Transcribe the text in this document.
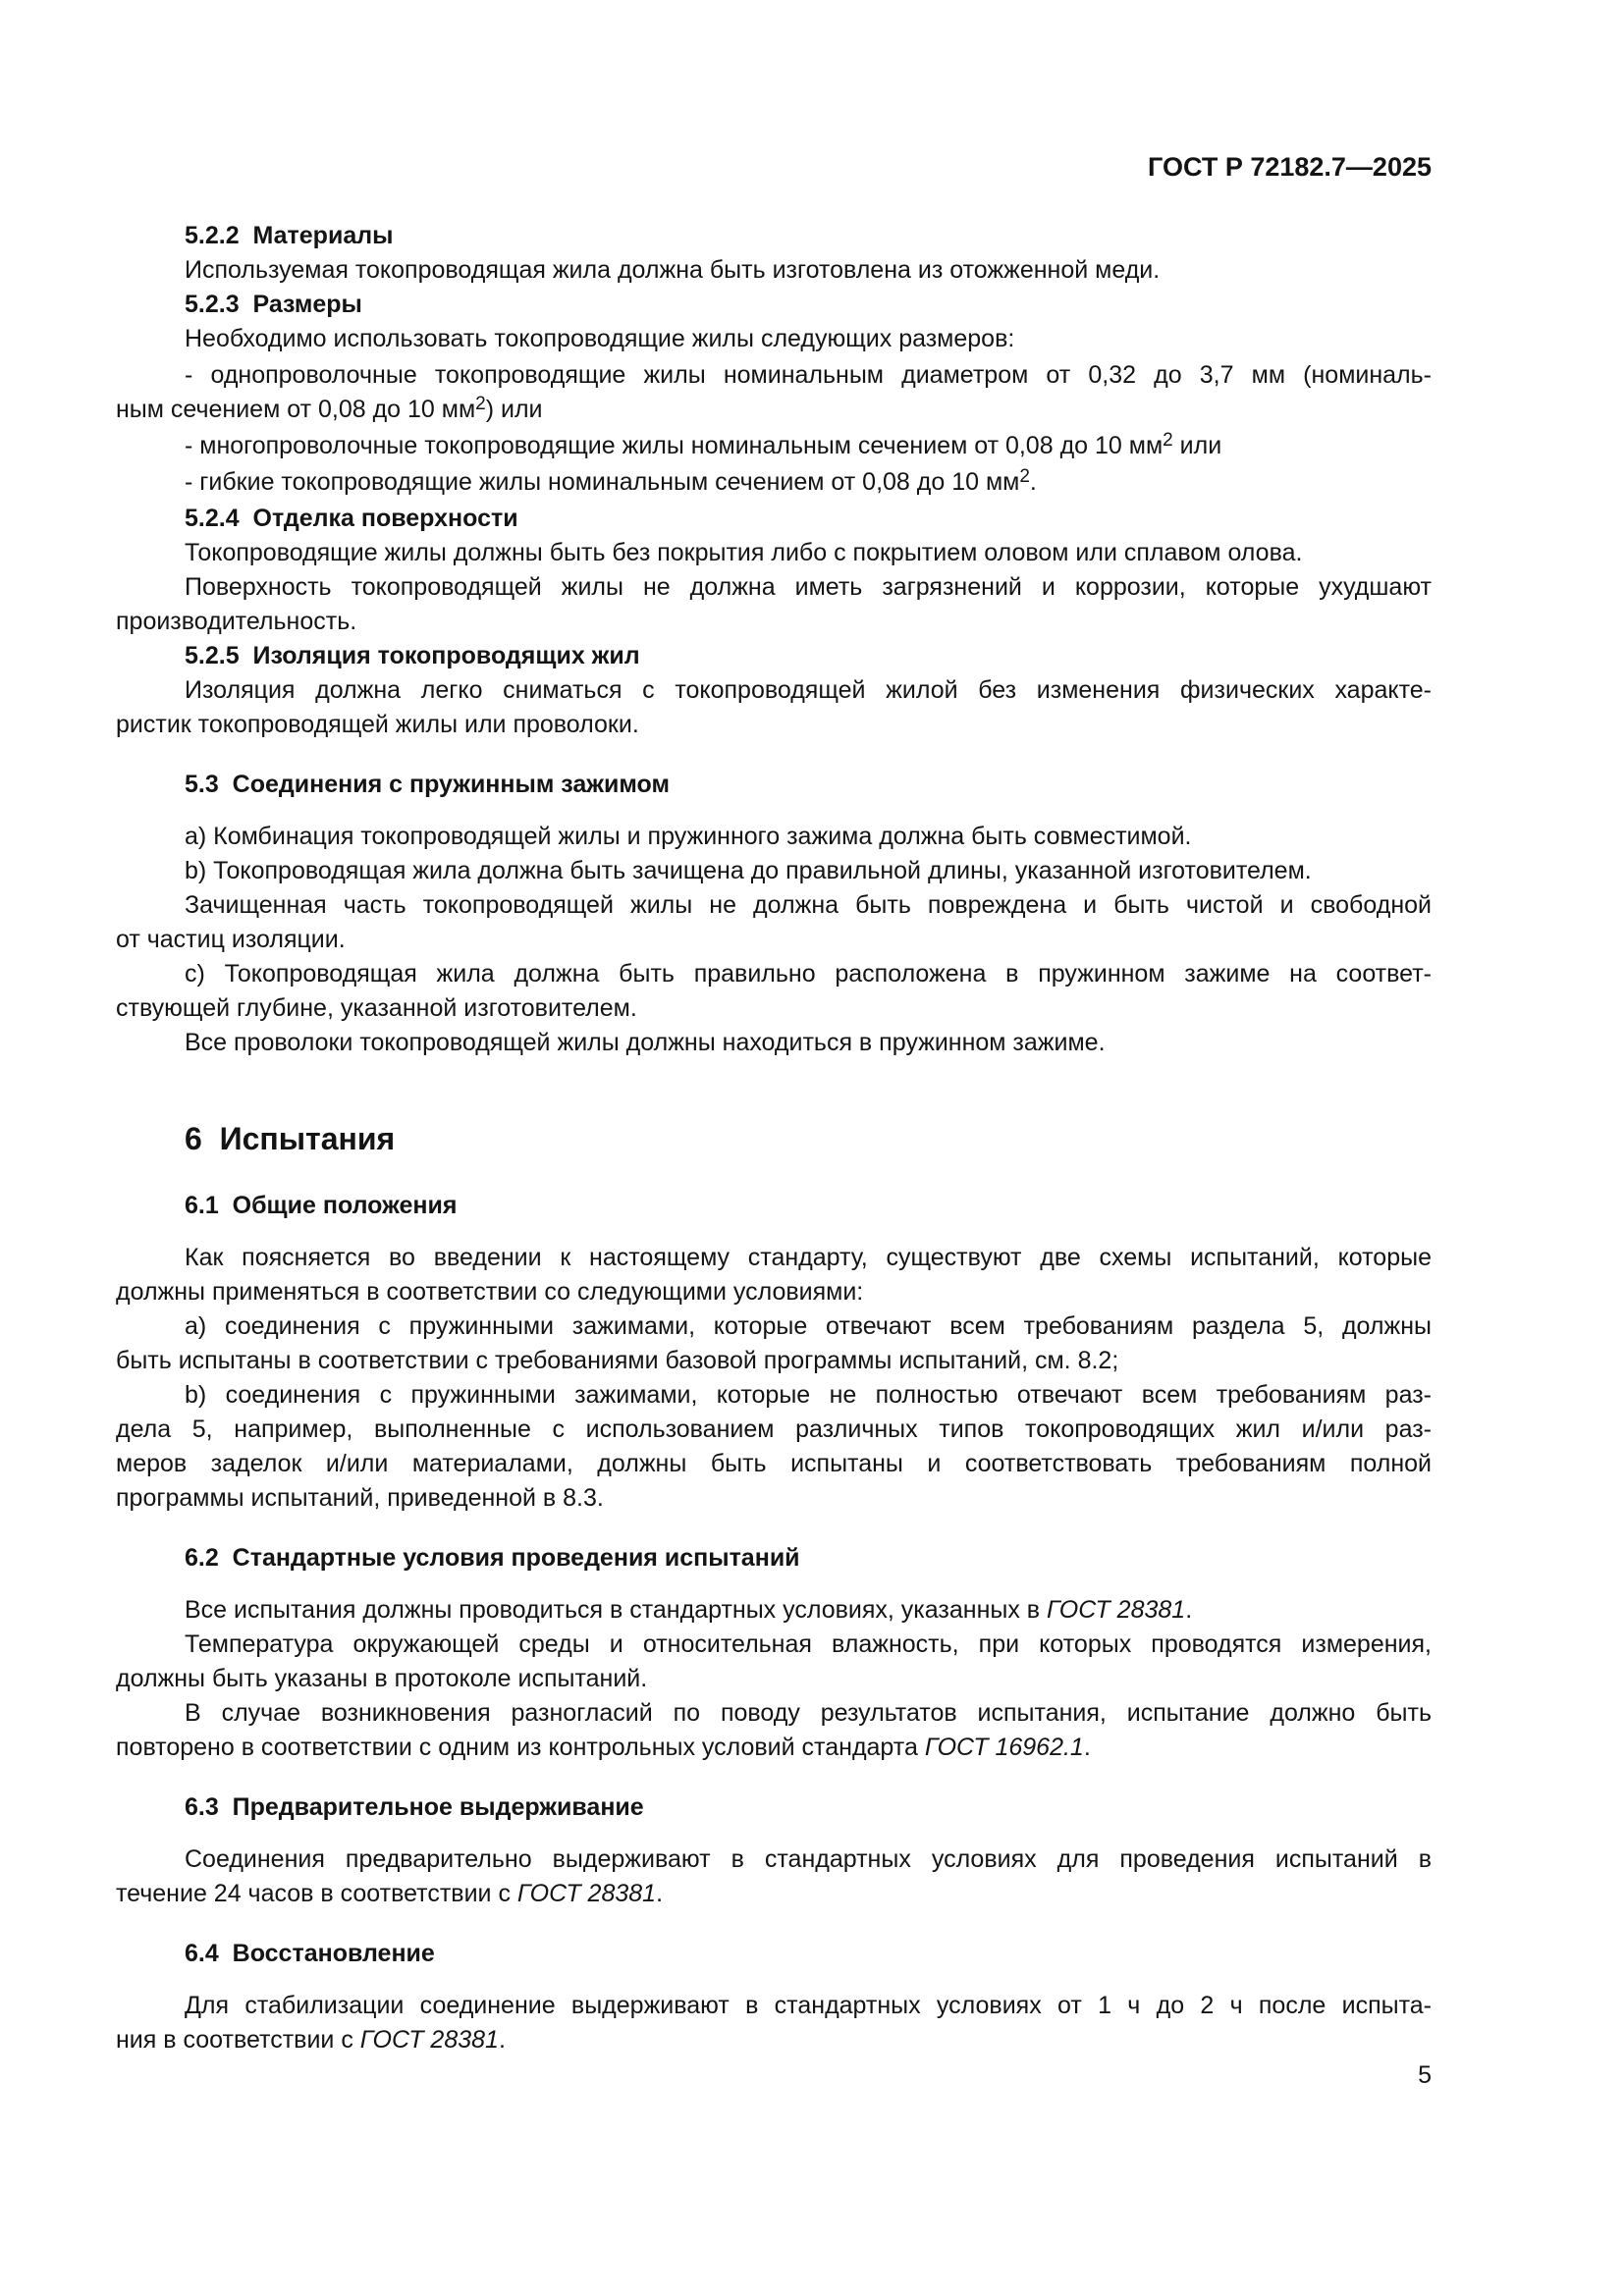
ГОСТ Р 72182.7—2025
5.2.2  Материалы
Используемая токопроводящая жила должна быть изготовлена из отожженной меди.
5.2.3  Размеры
Необходимо использовать токопроводящие жилы следующих размеров:
- однопроволочные токопроводящие жилы номинальным диаметром от 0,32 до 3,7 мм (номиналь-
ным сечением от 0,08 до 10 $мм^2$) или
- многопроволочные токопроводящие жилы номинальным сечением от 0,08 до 10 $мм^2$ или
- гибкие токопроводящие жилы номинальным сечением от 0,08 до 10 $мм^2$.
5.2.4  Отделка поверхности
Токопроводящие жилы должны быть без покрытия либо с покрытием оловом или сплавом олова.
Поверхность токопроводящей жилы не должна иметь загрязнений и коррозии, которые ухудшают
производительность.
5.2.5  Изоляция токопроводящих жил
Изоляция должна легко сниматься с токопроводящей жилой без изменения физических характе-
ристик токопроводящей жилы или проволоки.
5.3  Соединения с пружинным зажимом
a) Комбинация токопроводящей жилы и пружинного зажима должна быть совместимой.
b) Токопроводящая жила должна быть зачищена до правильной длины, указанной изготовителем.
Зачищенная часть токопроводящей жилы не должна быть повреждена и быть чистой и свободной
от частиц изоляции.
c) Токопроводящая жила должна быть правильно расположена в пружинном зажиме на соответ-
ствующей глубине, указанной изготовителем.
Все проволоки токопроводящей жилы должны находиться в пружинном зажиме.
6  Испытания
6.1  Общие положения
Как поясняется во введении к настоящему стандарту, существуют две схемы испытаний, которые
должны применяться в соответствии со следующими условиями:
a) соединения с пружинными зажимами, которые отвечают всем требованиям раздела 5, должны
быть испытаны в соответствии с требованиями базовой программы испытаний, см. 8.2;
b) соединения с пружинными зажимами, которые не полностью отвечают всем требованиям раз-
дела 5, например, выполненные с использованием различных типов токопроводящих жил и/или раз-
меров заделок и/или материалами, должны быть испытаны и соответствовать требованиям полной
программы испытаний, приведенной в 8.3.
6.2  Стандартные условия проведения испытаний
Все испытания должны проводиться в стандартных условиях, указанных в ГОСТ 28381.
Температура окружающей среды и относительная влажность, при которых проводятся измерения,
должны быть указаны в протоколе испытаний.
В случае возникновения разногласий по поводу результатов испытания, испытание должно быть
повторено в соответствии с одним из контрольных условий стандарта ГОСТ 16962.1.
6.3  Предварительное выдерживание
Соединения предварительно выдерживают в стандартных условиях для проведения испытаний в
течение 24 часов в соответствии с ГОСТ 28381.
6.4  Восстановление
Для стабилизации соединение выдерживают в стандартных условиях от 1 ч до 2 ч после испыта-
ния в соответствии с ГОСТ 28381.
5
